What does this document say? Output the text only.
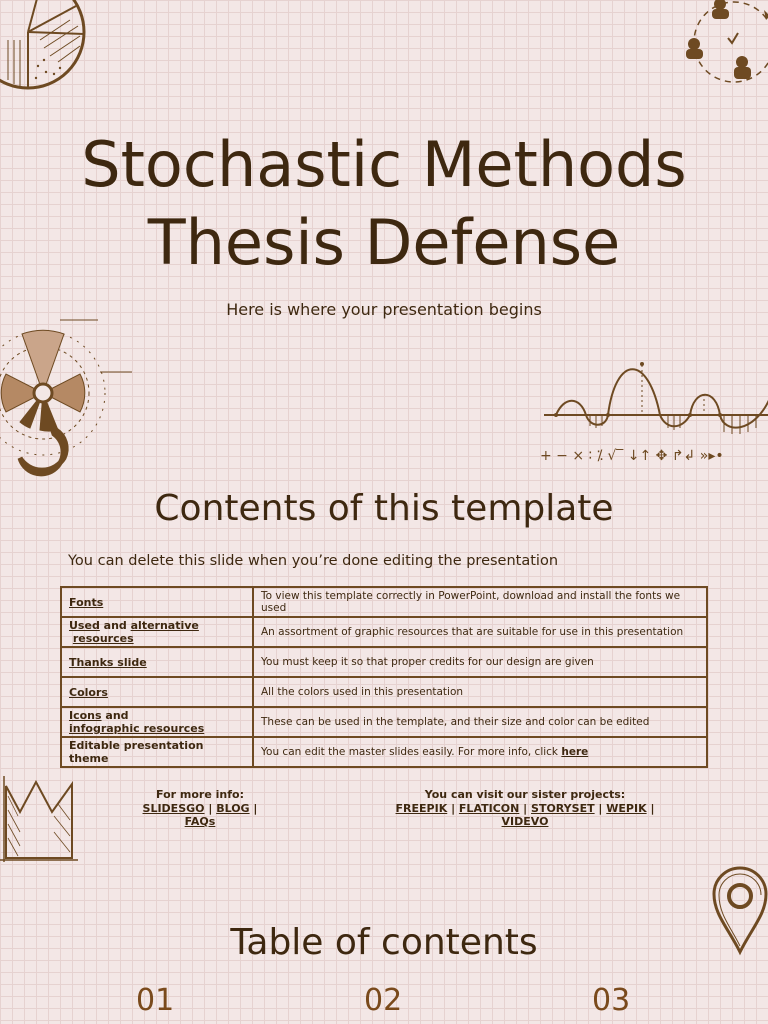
Stochastic Methods
Thesis Defense
Here is where your presentation begins
+ − × ∶ ⁒ √‾ ↓↑ ✥ ↱↲ »▸•
Contents of this template
You can delete this slide when you’re done editing the presentation
Fonts	To view this template correctly in PowerPoint, download and install the fonts we used
Used and alternative
resources	An assortment of graphic resources that are suitable for use in this presentation
Thanks slide	You must keep it so that proper credits for our design are given
Colors	All the colors used in this presentation
Icons and
infographic resources	These can be used in the template, and their size and color can be edited
Editable presentation theme	You can edit the master slides easily. For more info, click here
For more info:
SLIDESGO | BLOG |
FAQs
You can visit our sister projects:
FREEPIK | FLATICON | STORYSET | WEPIK |
VIDEVO
Table of contents
01	02	03
